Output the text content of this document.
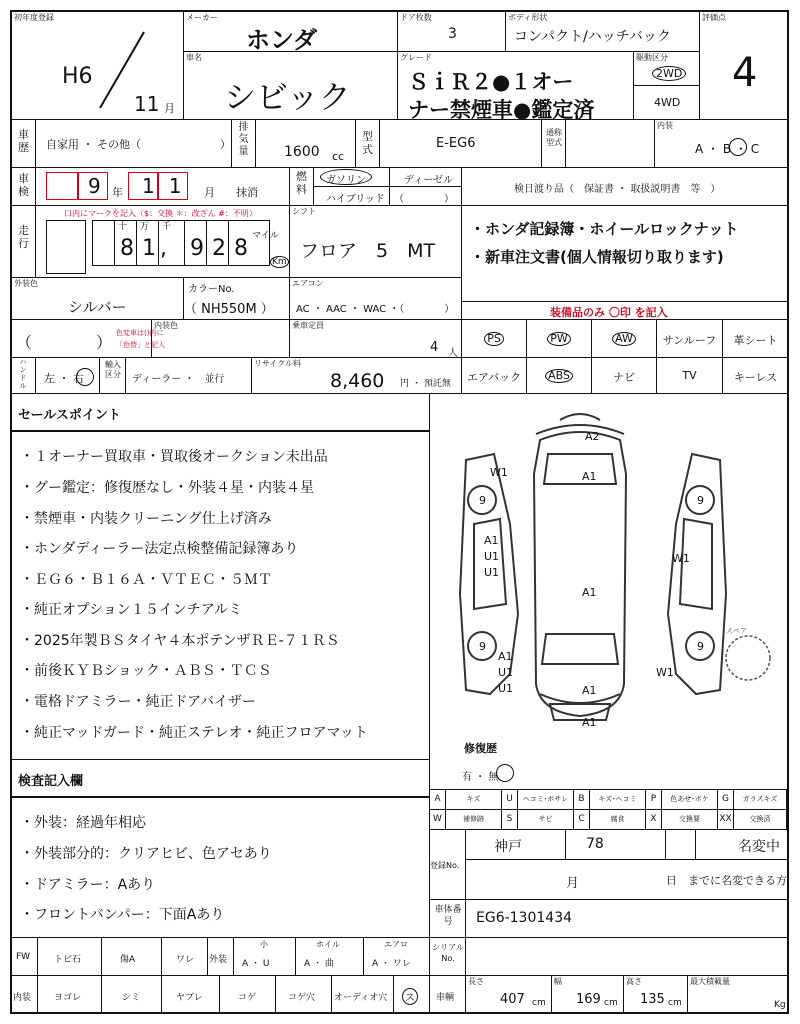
初年度登録
H6
11 月
メーカー
ホンダ
ドア枚数
3
ボディ形状
コンパクト/ハッチバック
評価点
4
車名
シビック
グレード
ＳｉＲ２●１オー
ナー禁煙車●鑑定済
駆動区分
2WD
4WD
車歴 自家用 ・ その他（	）
排気量	1600 cc
型式	E-EG6
通称型式
内装
A ・ B ・ C
車検	9 年 11 月 抹消
燃料
ガソリン	ディーゼル
ハイブリッド （　　　　）
検日渡り品（　保証書 ・ 取扱説明書　等　）
走行
口内にマークを記入（$：交換 ＊：改ざん #：不明）
十 万 千
8 1 , 9 2 8 マイル
Km
シフト
フロア　5　MT
・ホンダ記録簿・ホイールロックナット
・新車注文書(個人情報切り取ります)
外装色
シルバー
カラーNo.
（ NH550M ）
エアコン
AC ・ AAC ・ WAC ・（　　　　）	装備品のみ 〇印 を記入
（	） 色変車は()内に
「色替」と記入
内装色	乗車定員
4 人
PS	PW	AW	サンルーフ	革シート
ハンドル
左 ・ 右
輸入区分	ディーラー ・　並行
リサイクル料
8,460 円 ・ 預託無	エアバック	ABS	ナビ	TV	キーレス
セールスポイント
・１オーナー買取車・買取後オークション未出品
・グー鑑定：修復歴なし・外装４星・内装４星
・禁煙車・内装クリーニング仕上げ済み
・ホンダディーラー法定点検整備記録簿あり
・ＥＧ６・Ｂ１６Ａ・ＶＴＥＣ・５ＭＴ
・純正オプション１５インチアルミ
・2025年製ＢＳタイヤ４本ポテンザＲＥ-７１ＲＳ
・前後ＫＹＢショック・ＡＢＳ・ＴＣＳ
・電格ドアミラー・純正ドアバイザー
・純正マッドガード・純正ステレオ・純正フロアマット
A2
A1
W1
9	9
A1
U1
U1
W1
A1
9	9
A1
U1
U1
W1
A1
A1
スペア
修復歴
有 ・ 無
検査記入欄
・外装：経過年相応
・外装部分的：クリアヒビ、色アセあり
・ドアミラー：Aあり
・フロントバンパー：下面Aあり
A	キズ	U	ヘコミ･ボサレ	B	キズ･ヘコミ	P	色あせ･ボケ	G	ガラスキズ
W	補修跡	S	サビ	C	腐食	X	交換要	XX	交換済
登録No.
神戸	78	名変中
月	日　までに名変できる方
車体番号	EG6-1301434
FW	トビ石	傷A	ワレ 外装
小
A ・ U
ホイル
A ・ 曲
エアロ
A ・ ワレ
シリアルNo.
内装	ヨゴレ	シミ	ヤブレ	コゲ	コゲ穴 オーディオ穴	ス	車輌
長さ
407 cm
幅
169 cm
高さ
135 cm
最大積載量
Kg
